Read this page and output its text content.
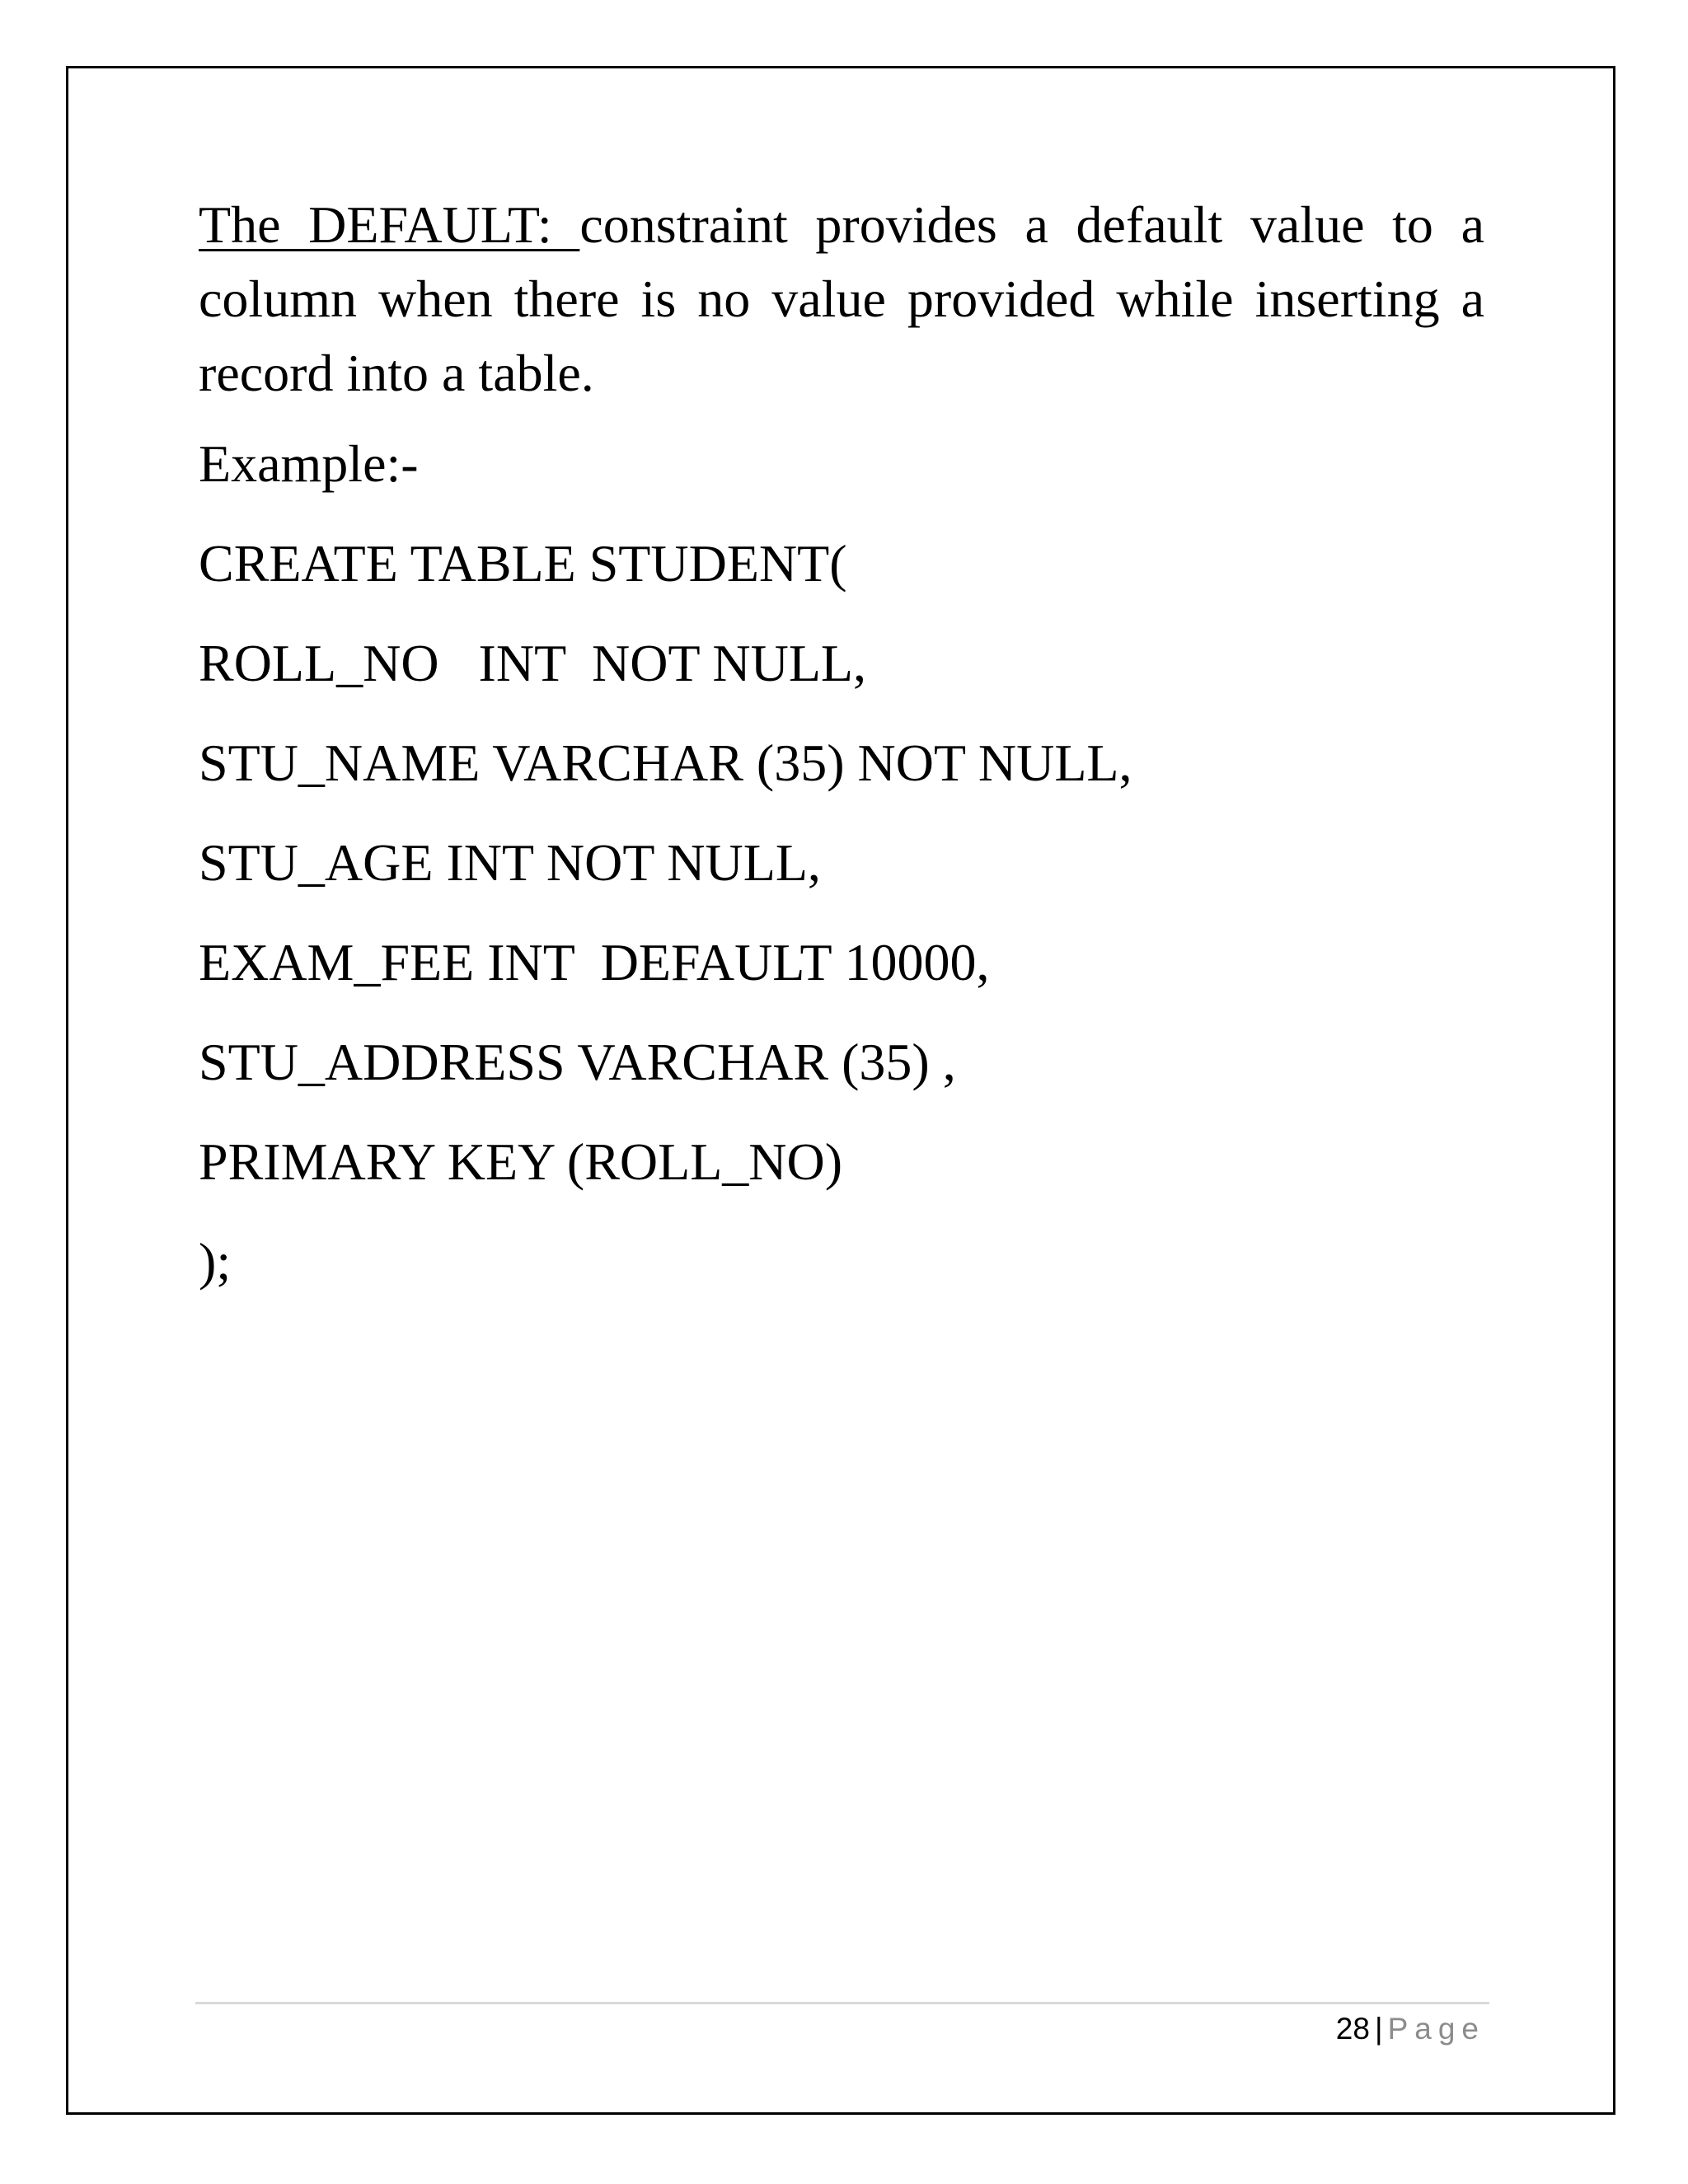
The DEFAULT: constraint provides a default value to a column when there is no value provided while inserting a record into a table.

Example:-

CREATE TABLE STUDENT(
ROLL_NO   INT  NOT NULL,
STU_NAME VARCHAR (35) NOT NULL,
STU_AGE INT NOT NULL,
EXAM_FEE INT  DEFAULT 10000,
STU_ADDRESS VARCHAR (35) ,
PRIMARY KEY (ROLL_NO)
);
28 | Page
